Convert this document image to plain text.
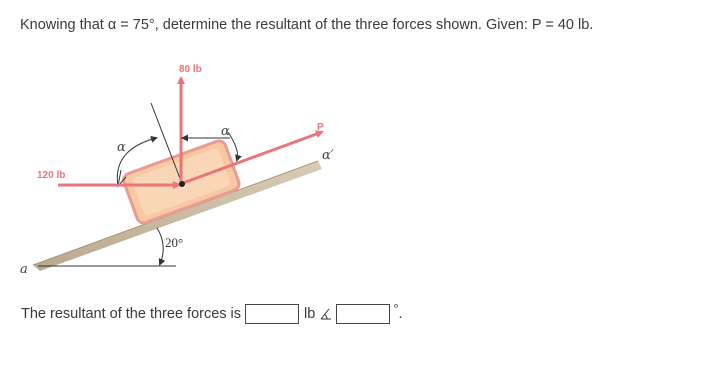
Knowing that α = 75°, determine the resultant of the three forces shown. Given: P = 40 lb.
80 lb
120 lb
P
α
α
α′
20°
a
The resultant of the three forces is	lb	° .
